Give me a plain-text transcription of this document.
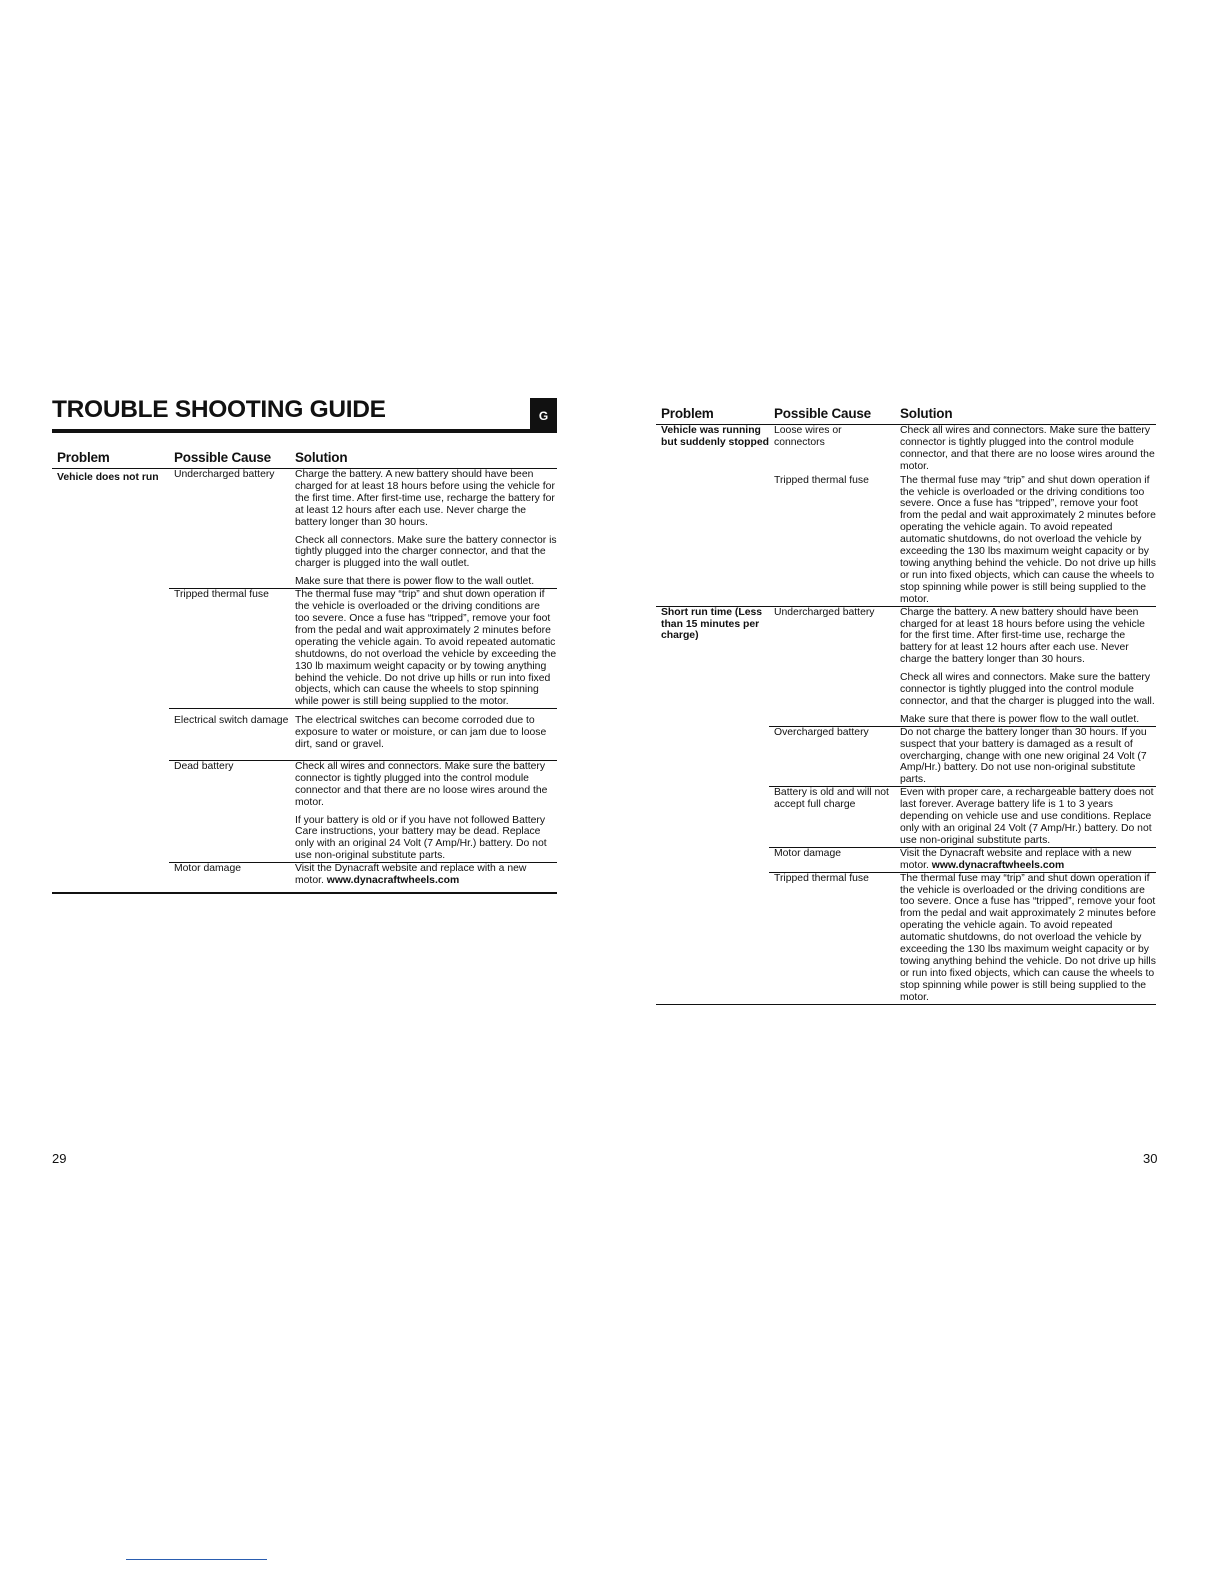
TROUBLE SHOOTING GUIDE	G
Problem	Possible Cause	Solution
Vehicle does not run	Undercharged battery	Charge the battery. A new battery should have been charged for at least 18 hours before using the vehicle for the first time. After first-time use, recharge the battery for at least 12 hours after each use. Never charge the battery longer than 30 hours.

Check all connectors. Make sure the battery connector is tightly plugged into the charger connector, and that the charger is plugged into the wall outlet.

Make sure that there is power flow to the wall outlet.

	Tripped thermal fuse	The thermal fuse may “trip” and shut down operation if the vehicle is overloaded or the driving conditions are too severe. Once a fuse has “tripped”, remove your foot from the pedal and wait approximately 2 minutes before operating the vehicle again. To avoid repeated automatic shutdowns, do not overload the vehicle by exceeding the 130 lb maximum weight capacity or by towing anything behind the vehicle. Do not drive up hills or run into fixed objects, which can cause the wheels to stop spinning while power is still being supplied to the motor.

	Electrical switch damage	The electrical switches can become corroded due to exposure to water or moisture, or can jam due to loose dirt, sand or gravel.

	Dead battery	Check all wires and connectors. Make sure the battery connector is tightly plugged into the control module connector and that there are no loose wires around the motor.

If your battery is old or if you have not followed Battery Care instructions, your battery may be dead. Replace only with an original 24 Volt (7 Amp/Hr.) battery. Do not use non-original substitute parts.

	Motor damage	Visit the Dynacraft website and replace with a new motor. www.dynacraftwheels.com

Problem	Possible Cause	Solution
Vehicle was running but suddenly stopped	Loose wires or connectors	Check all wires and connectors. Make sure the battery connector is tightly plugged into the control module connector, and that there are no loose wires around the motor.

	Tripped thermal fuse	The thermal fuse may “trip” and shut down operation if the vehicle is overloaded or the driving conditions too severe. Once a fuse has “tripped”, remove your foot from the pedal and wait approximately 2 minutes before operating the vehicle again. To avoid repeated automatic shutdowns, do not overload the vehicle by exceeding the 130 lbs maximum weight capacity or by towing anything behind the vehicle. Do not drive up hills or run into fixed objects, which can cause the wheels to stop spinning while power is still being supplied to the motor.

Short run time (Less than 15 minutes per charge)	Undercharged battery	Charge the battery. A new battery should have been charged for at least 18 hours before using the vehicle for the first time. After first-time use, recharge the battery for at least 12 hours after each use. Never charge the battery longer than 30 hours.

Check all wires and connectors. Make sure the battery connector is tightly plugged into the control module connector, and that the charger is plugged into the wall.

Make sure that there is power flow to the wall outlet.

	Overcharged battery	Do not charge the battery longer than 30 hours. If you suspect that your battery is damaged as a result of overcharging, change with one new original 24 Volt (7 Amp/Hr.) battery. Do not use non-original substitute parts.

	Battery is old and will not accept full charge	Even with proper care, a rechargeable battery does not last forever. Average battery life is 1 to 3 years depending on vehicle use and use conditions. Replace only with an original 24 Volt (7 Amp/Hr.) battery. Do not use non-original substitute parts.

	Motor damage	Visit the Dynacraft website and replace with a new motor. www.dynacraftwheels.com

	Tripped thermal fuse	The thermal fuse may “trip” and shut down operation if the vehicle is overloaded or the driving conditions are too severe. Once a fuse has “tripped”, remove your foot from the pedal and wait approximately 2 minutes before operating the vehicle again. To avoid repeated automatic shutdowns, do not overload the vehicle by exceeding the 130 lbs maximum weight capacity or by towing anything behind the vehicle. Do not drive up hills or run into fixed objects, which can cause the wheels to stop spinning while power is still being supplied to the motor.

29	30
